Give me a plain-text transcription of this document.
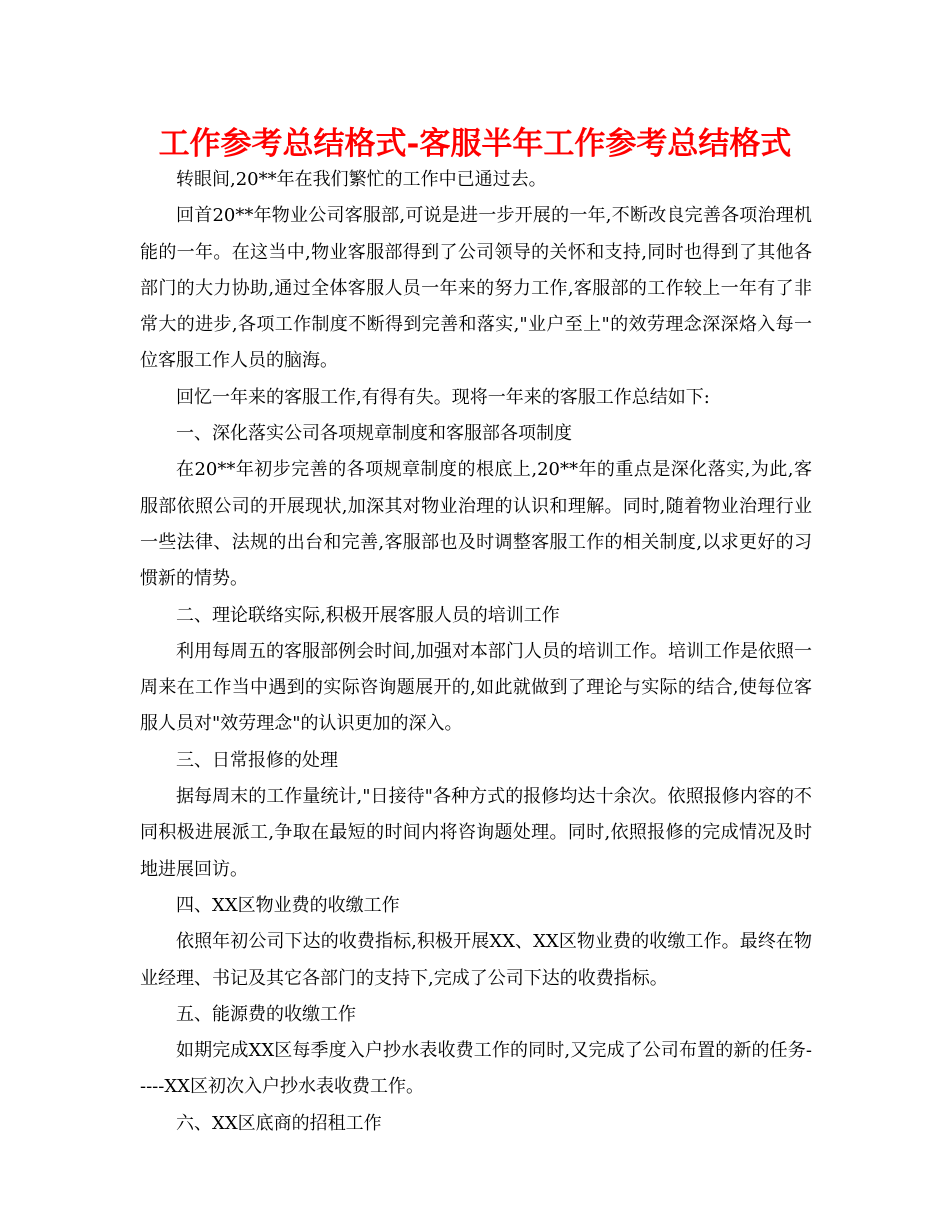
工作参考总结格式-客服半年工作参考总结格式

转眼间,20**年在我们繁忙的工作中已通过去。

回首20**年物业公司客服部,可说是进一步开展的一年,不断改良完善各项治理机能的一年。在这当中,物业客服部得到了公司领导的关怀和支持,同时也得到了其他各部门的大力协助,通过全体客服人员一年来的努力工作,客服部的工作较上一年有了非常大的进步,各项工作制度不断得到完善和落实,"业户至上"的效劳理念深深烙入每一位客服工作人员的脑海。

回忆一年来的客服工作,有得有失。现将一年来的客服工作总结如下:

一、深化落实公司各项规章制度和客服部各项制度

在20**年初步完善的各项规章制度的根底上,20**年的重点是深化落实,为此,客服部依照公司的开展现状,加深其对物业治理的认识和理解。同时,随着物业治理行业一些法律、法规的出台和完善,客服部也及时调整客服工作的相关制度,以求更好的习惯新的情势。

二、理论联络实际,积极开展客服人员的培训工作

利用每周五的客服部例会时间,加强对本部门人员的培训工作。培训工作是依照一周来在工作当中遇到的实际咨询题展开的,如此就做到了理论与实际的结合,使每位客服人员对"效劳理念"的认识更加的深入。

三、日常报修的处理

据每周末的工作量统计,"日接待"各种方式的报修均达十余次。依照报修内容的不同积极进展派工,争取在最短的时间内将咨询题处理。同时,依照报修的完成情况及时地进展回访。

四、XX区物业费的收缴工作

依照年初公司下达的收费指标,积极开展XX、XX区物业费的收缴工作。最终在物业经理、书记及其它各部门的支持下,完成了公司下达的收费指标。

五、能源费的收缴工作

如期完成XX区每季度入户抄水表收费工作的同时,又完成了公司布置的新的任务-----XX区初次入户抄水表收费工作。

六、XX区底商的招租工作
